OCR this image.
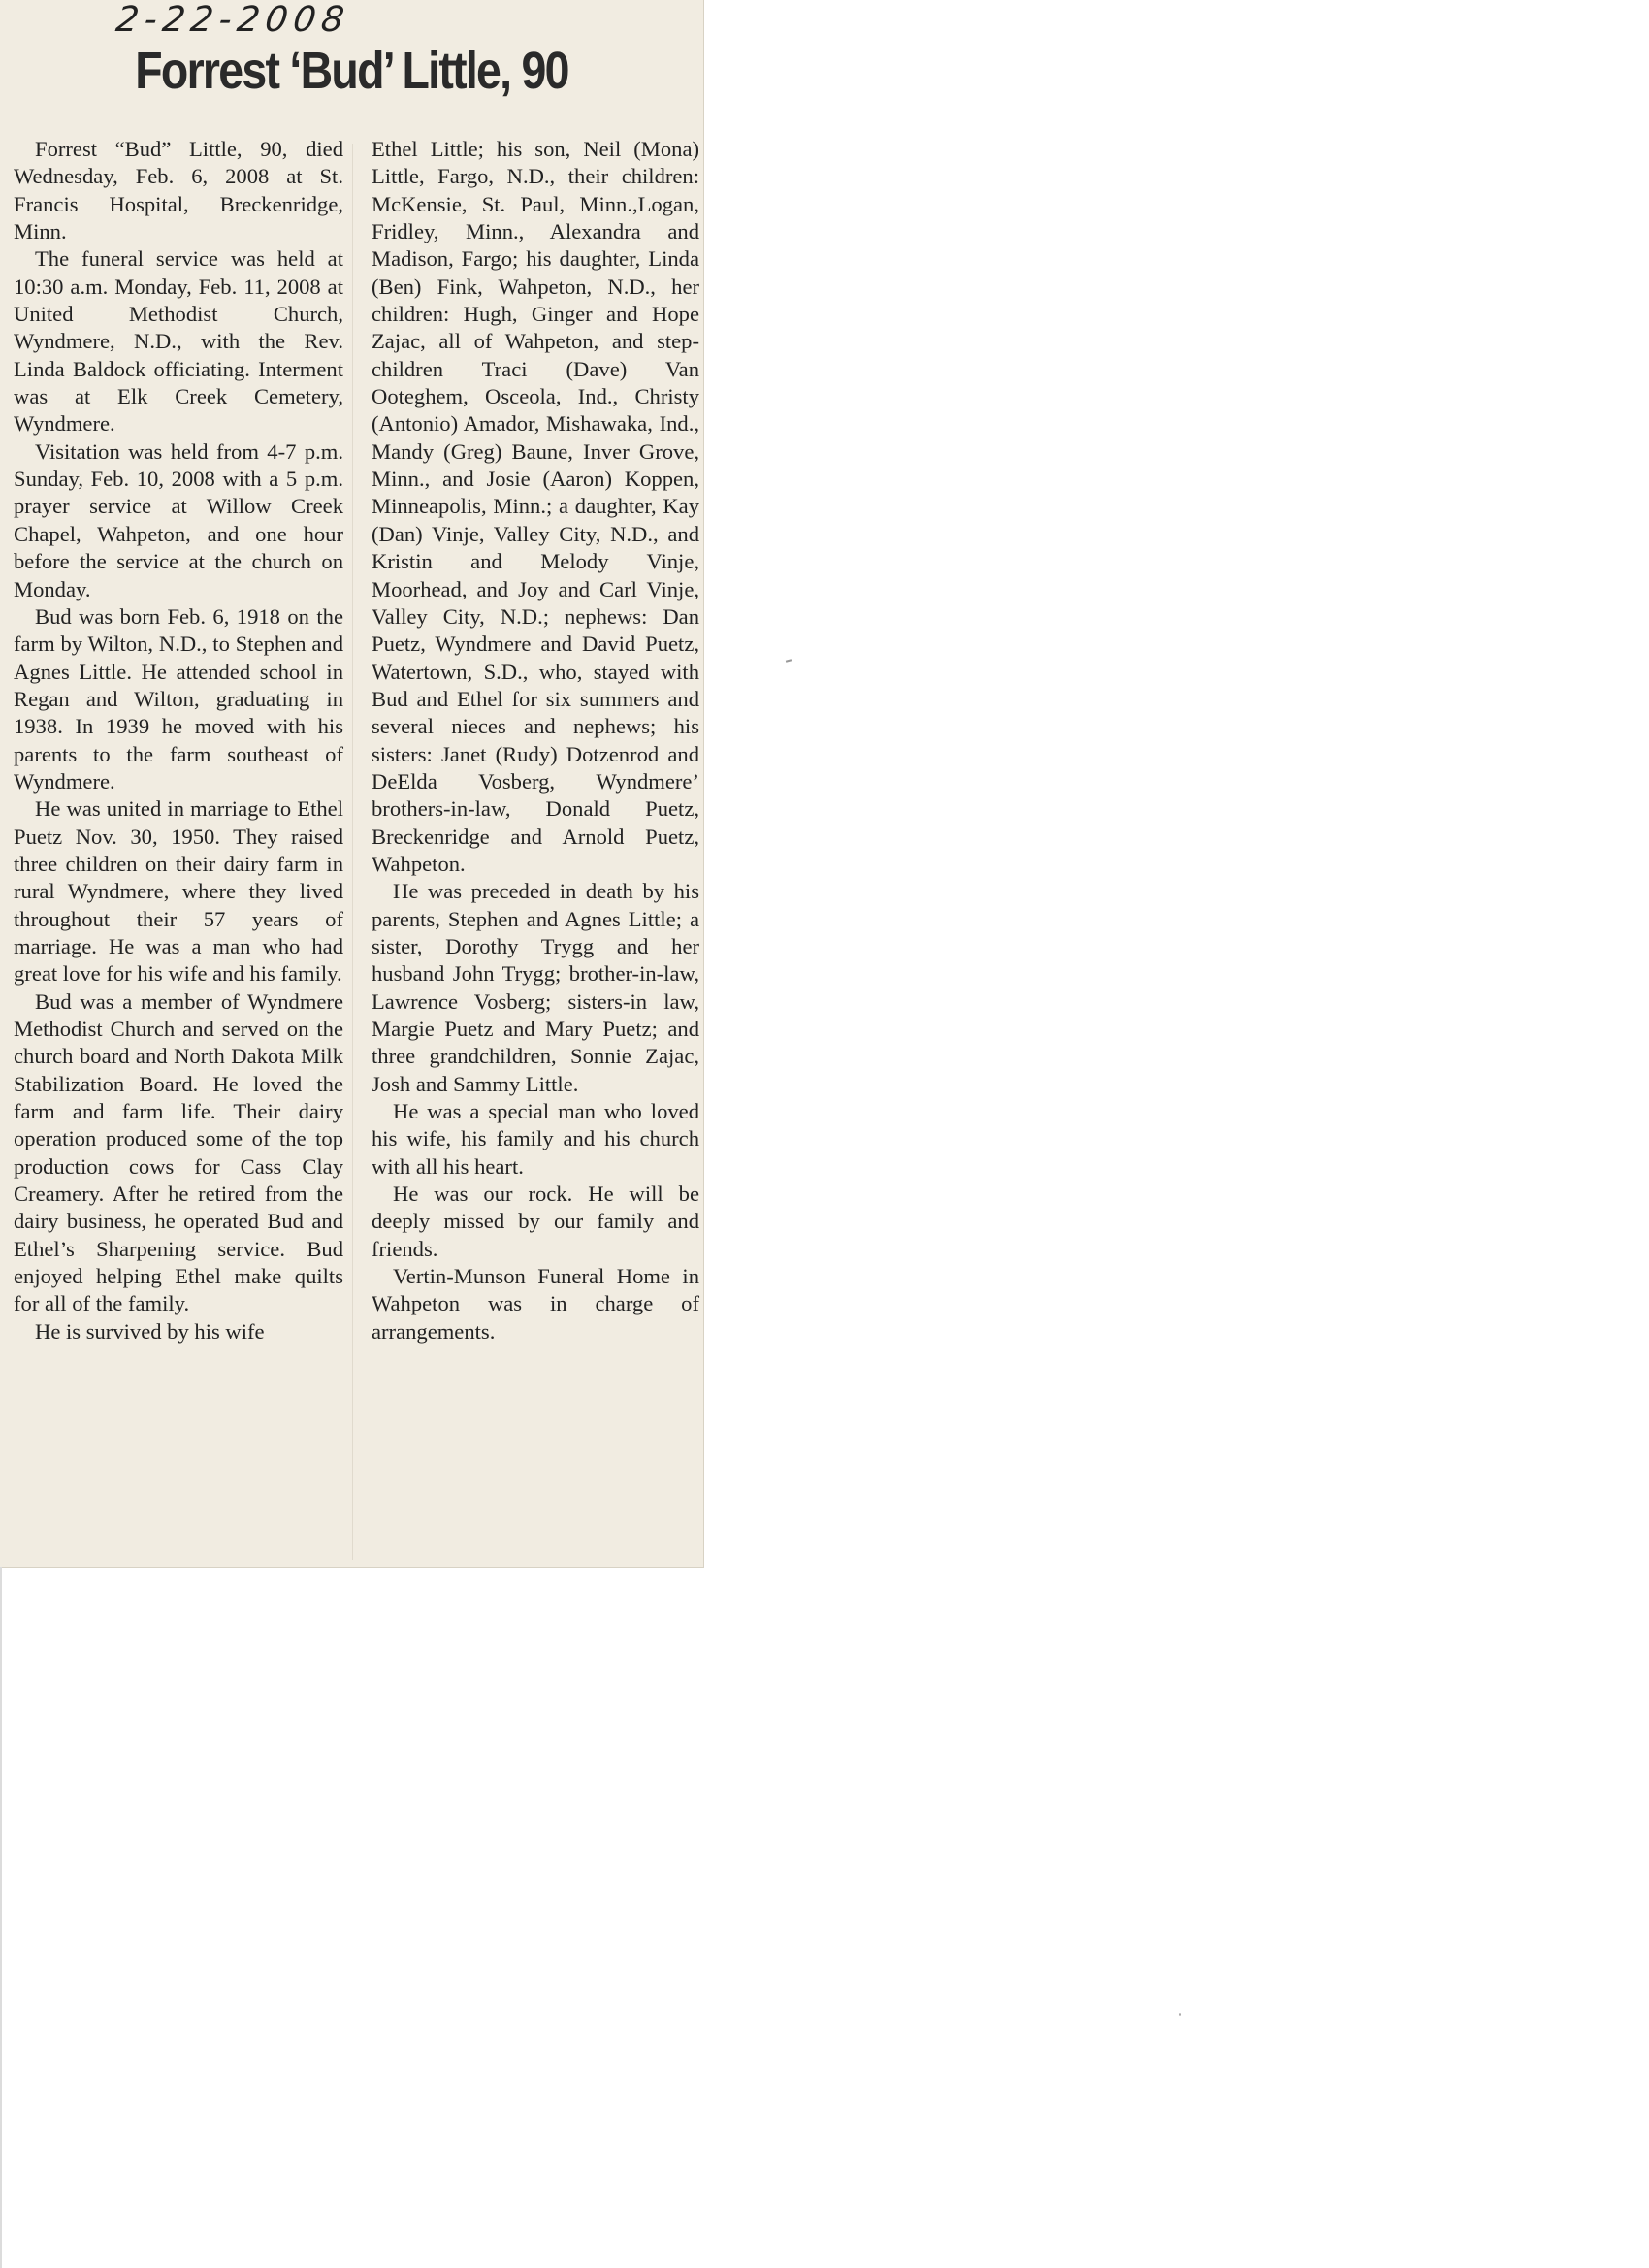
2-22-2008
Forrest ‘Bud’ Little, 90

Forrest “Bud” Little, 90, died Wednesday, Feb. 6, 2008 at St. Francis Hospital, Breckenridge, Minn.

The funeral service was held at 10:30 a.m. Monday, Feb. 11, 2008 at United Methodist Church, Wyndmere, N.D., with the Rev. Linda Baldock officiating. Interment was at Elk Creek Cemetery, Wyndmere.

Visitation was held from 4-7 p.m. Sunday, Feb. 10, 2008 with a 5 p.m. prayer service at Willow Creek Chapel, Wahpeton, and one hour before the service at the church on Monday.

Bud was born Feb. 6, 1918 on the farm by Wilton, N.D., to Stephen and Agnes Little. He attended school in Regan and Wilton, graduating in 1938. In 1939 he moved with his parents to the farm southeast of Wyndmere.

He was united in marriage to Ethel Puetz Nov. 30, 1950. They raised three children on their dairy farm in rural Wyndmere, where they lived throughout their 57 years of marriage. He was a man who had great love for his wife and his family.

Bud was a member of Wyndmere Methodist Church and served on the church board and North Dakota Milk Stabilization Board. He loved the farm and farm life. Their dairy operation produced some of the top production cows for Cass Clay Creamery. After he retired from the dairy business, he operated Bud and Ethel’s Sharpening service. Bud enjoyed helping Ethel make quilts for all of the family.

He is survived by his wife

Ethel Little; his son, Neil (Mona) Little, Fargo, N.D., their children: McKensie, St. Paul, Minn.,Logan, Fridley, Minn., Alexandra and Madison, Fargo; his daughter, Linda (Ben) Fink, Wahpeton, N.D., her children: Hugh, Ginger and Hope Zajac, all of Wahpeton, and step-children Traci (Dave) Van Ooteghem, Osceola, Ind., Christy (Antonio) Amador, Mishawaka, Ind., Mandy (Greg) Baune, Inver Grove, Minn., and Josie (Aaron) Koppen, Minneapolis, Minn.; a daughter, Kay (Dan) Vinje, Valley City, N.D., and Kristin and Melody Vinje, Moorhead, and Joy and Carl Vinje, Valley City, N.D.; nephews: Dan Puetz, Wyndmere and David Puetz, Watertown, S.D., who, stayed with Bud and Ethel for six summers and several nieces and nephews; his sisters: Janet (Rudy) Dotzenrod and DeElda Vosberg, Wyndmere’ brothers-in-law, Donald Puetz, Breckenridge and Arnold Puetz, Wahpeton.

He was preceded in death by his parents, Stephen and Agnes Little; a sister, Dorothy Trygg and her husband John Trygg; brother-in-law, Lawrence Vosberg; sisters-in law, Margie Puetz and Mary Puetz; and three grandchildren, Sonnie Zajac, Josh and Sammy Little.

He was a special man who loved his wife, his family and his church with all his heart.

He was our rock. He will be deeply missed by our family and friends.

Vertin-Munson Funeral Home in Wahpeton was in charge of arrangements.
